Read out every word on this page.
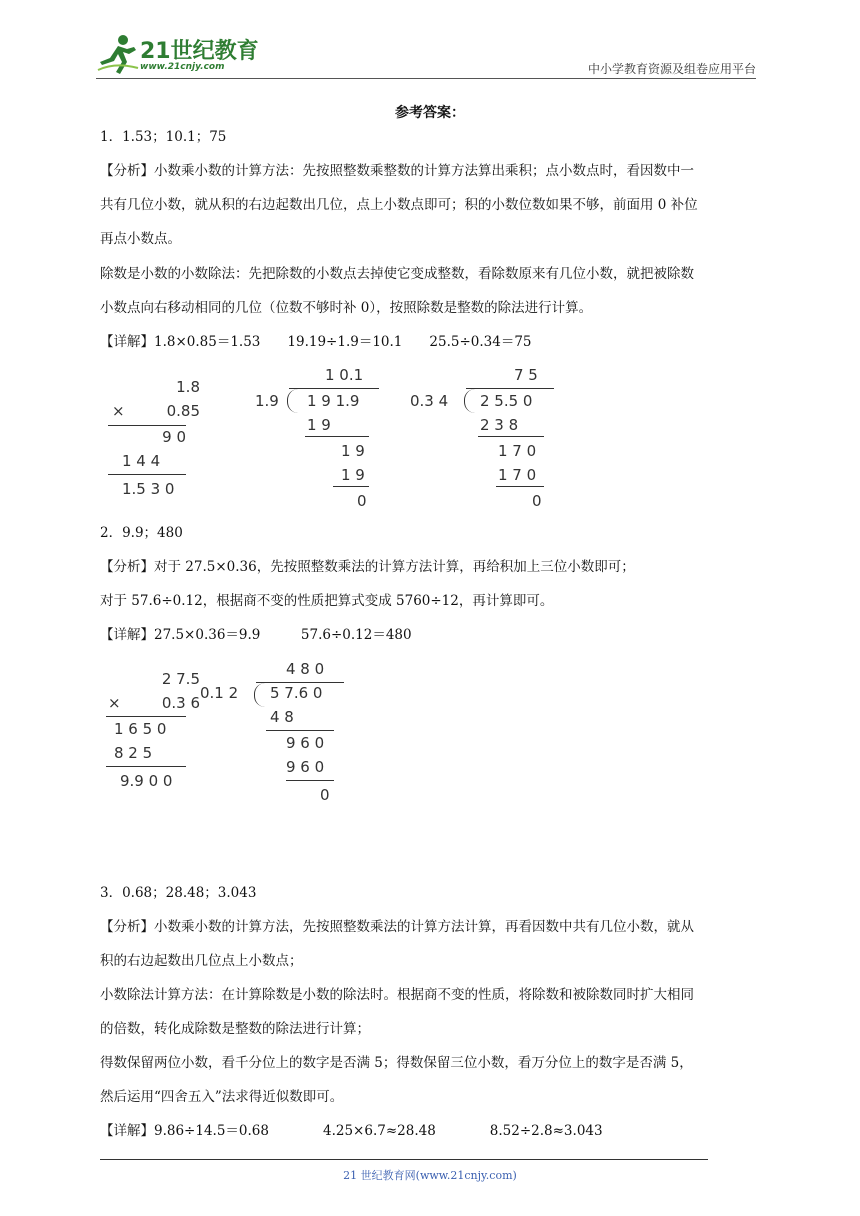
21世纪教育
www.21cnjy.com	中小学教育资源及组卷应用平台
参考答案：

1．1.53；10.1；75

【分析】小数乘小数的计算方法：先按照整数乘整数的计算方法算出乘积；点小数点时，看因数中一

共有几位小数，就从积的右边起数出几位，点上小数点即可；积的小数位数如果不够，前面用 0 补位

再点小数点。

除数是小数的小数除法：先把除数的小数点去掉使它变成整数，看除数原来有几位小数，就把被除数

小数点向右移动相同的几位（位数不够时补 0），按照除数是整数的除法进行计算。

【详解】1.8×0.85＝1.53　　19.19÷1.9＝10.1　　25.5÷0.34＝75

1.8
×	0.85
9 0
1 4 4
1.5 3 0
1 0.1
1.9 1 9 1.9
1 9
1 9
1 9
0
7 5
0.3 4 2 5.5 0
2 3 8
1 7 0
1 7 0
0

2．9.9；480

【分析】对于 27.5×0.36，先按照整数乘法的计算方法计算，再给积加上三位小数即可；

对于 57.6÷0.12，根据商不变的性质把算式变成 5760÷12，再计算即可。

【详解】27.5×0.36＝9.9　　　57.6÷0.12＝480

2 7.5
×	0.3 6
1 6 5 0
8 2 5
9.9 0 0
4 8 0
0.1 2 5 7.6 0
4 8
9 6 0
9 6 0
0

3．0.68；28.48；3.043

【分析】小数乘小数的计算方法，先按照整数乘法的计算方法计算，再看因数中共有几位小数，就从

积的右边起数出几位点上小数点；

小数除法计算方法：在计算除数是小数的除法时。根据商不变的性质，将除数和被除数同时扩大相同

的倍数，转化成除数是整数的除法进行计算；

得数保留两位小数，看千分位上的数字是否满 5；得数保留三位小数，看万分位上的数字是否满 5，

然后运用“四舍五入”法求得近似数即可。

【详解】9.86÷14.5＝0.68　　　　4.25×6.7≈28.48　　　　8.52÷2.8≈3.043

21 世纪教育网(www.21cnjy.com)
